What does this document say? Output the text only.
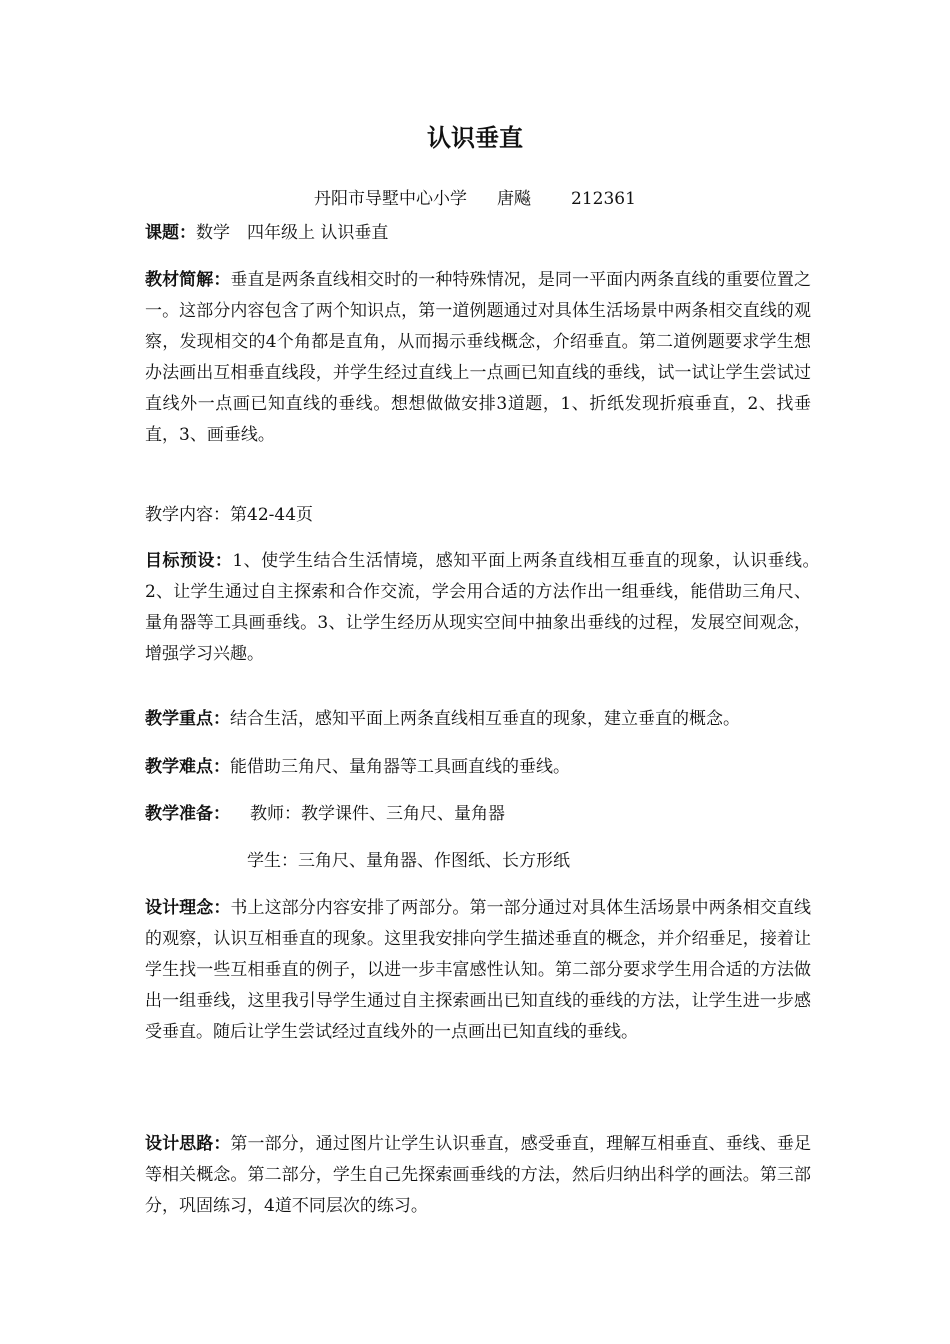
认识垂直
丹阳市导墅中心小学 唐飚 212361
课题：数学　四年级上 认识垂直
教材简解：垂直是两条直线相交时的一种特殊情况，是同一平面内两条直线的重要位置之一。这部分内容包含了两个知识点，第一道例题通过对具体生活场景中两条相交直线的观察，发现相交的4个角都是直角，从而揭示垂线概念，介绍垂直。第二道例题要求学生想办法画出互相垂直线段，并学生经过直线上一点画已知直线的垂线，试一试让学生尝试过直线外一点画已知直线的垂线。想想做做安排3道题，1、折纸发现折痕垂直，2、找垂直，3、画垂线。
教学内容：第42-44页
目标预设：1、使学生结合生活情境，感知平面上两条直线相互垂直的现象，认识垂线。　2、让学生通过自主探索和合作交流，学会用合适的方法作出一组垂线，能借助三角尺、量角器等工具画垂线。3、让学生经历从现实空间中抽象出垂线的过程，发展空间观念，增强学习兴趣。
教学重点：结合生活，感知平面上两条直线相互垂直的现象，建立垂直的概念。
教学难点：能借助三角尺、量角器等工具画直线的垂线。
教学准备： 教师：教学课件、三角尺、量角器
学生：三角尺、量角器、作图纸、长方形纸
设计理念：书上这部分内容安排了两部分。第一部分通过对具体生活场景中两条相交直线的观察，认识互相垂直的现象。这里我安排向学生描述垂直的概念，并介绍垂足，接着让学生找一些互相垂直的例子，以进一步丰富感性认知。第二部分要求学生用合适的方法做出一组垂线，这里我引导学生通过自主探索画出已知直线的垂线的方法，让学生进一步感受垂直。随后让学生尝试经过直线外的一点画出已知直线的垂线。
设计思路：第一部分，通过图片让学生认识垂直，感受垂直，理解互相垂直、垂线、垂足等相关概念。第二部分，学生自己先探索画垂线的方法，然后归纳出科学的画法。第三部分，巩固练习，4道不同层次的练习。
